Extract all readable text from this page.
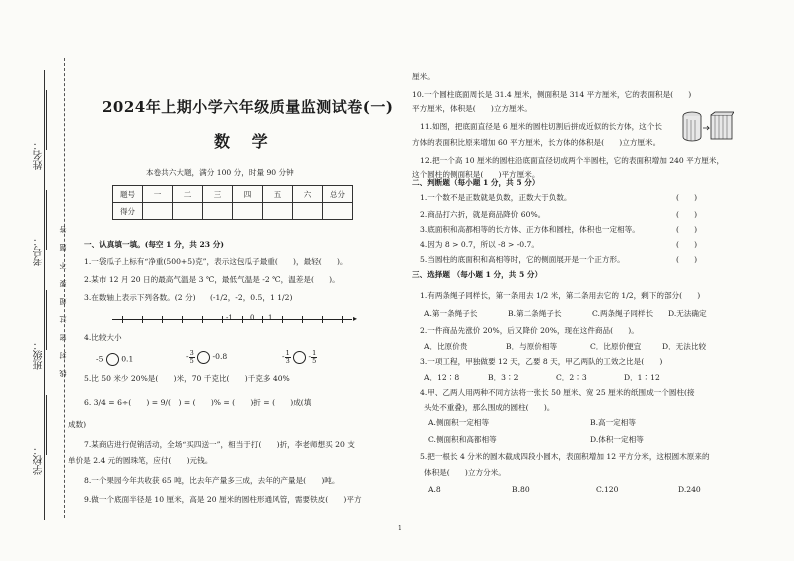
姓名：
考号：
班级：
学校：
答
题
不
要
超
过
密
封
线
2024年上期小学六年级质量监测试卷(一)
数 学
本卷共六大题，满分 100 分，时量 90 分钟
题号	一	二	三	四	五	六	总分
得分							
一、认真填一填。(每空 1 分，共 23 分)
1.一袋瓜子上标有“净重(500+5)克”，表示这包瓜子最重(　　)，最轻(　　)。
2.某市 12 月 20 日的最高气温是 3 ℃，最低气温是 -2 ℃，温差是(　　)。
3.在数轴上表示下列各数。(2 分) (-1/2，-2，0.5，1 1/2)
▸
-1 0 1
4.比较大小
-5  0.1	- $\frac{3}{5} -0.8$	- $\frac{1}{3} - \frac{1}{5}$
5.比 50 米少 20%是(　　)米，70 千克比(　　)千克多 40%
6. 3/4 = 6÷(　　) = 9/(　) = (　　)% = (　　)折 = (　　)成(填
成数)
7.某商店进行促销活动，全场“买四送一”，相当于打(　　)折，李老师想买 20 支
单价是 2.4 元的圆珠笔，应付(　　)元钱。
8.一个果园今年共收获 65 吨，比去年产量多三成，去年的产量是(　　)吨。
9.做一个底面半径是 10 厘米，高是 20 厘米的圆柱形通风管，需要铁皮(　　)平方
厘米。
10.一个圆柱底面周长是 31.4 厘米，侧面积是 314 平方厘米，它的表面积是(　　)
平方厘米，体积是(　　)立方厘米。
11.如图，把底面直径是 6 厘米的圆柱切割后拼成近似的长方体，这个长
方体的表面积比原来增加 60 平方厘米，长方体的体积是(　　)立方厘米。
12.把一个高 10 厘米的圆柱沿底面直径切成两个半圆柱，它的表面积增加 240 平方厘米，
这个圆柱的侧面积是(　　)平方厘米。
二、判断题（每小题 1 分，共 5 分）
1.一个数不是正数就是负数，正数大于负数。	(　　)
2.商品打六折，就是商品降价 60%。	(　　)
3.底面积和高都相等的长方体、正方体和圆柱，体积也一定相等。	(　　)
4.因为 8 > 0.7，所以 -8 > -0.7。	(　　)
5.当圆柱的底面积和高相等时，它的侧面展开是一个正方形。	(　　)
三、选择题 （每小题 1 分，共 5 分）
1.有两条绳子同样长，第一条用去 1/2 米，第二条用去它的 1/2，剩下的部分(　　)
A.第一条绳子长	B.第二条绳子长	C.两条绳子同样长 D.无法确定
2.一件商品先涨价 20%，后又降价 20%，现在这件商品(　　)。
A．比原价贵	B．与原价相等	C．比原价便宜	D．无法比较
3.一项工程，甲独做要 12 天，乙要 8 天，甲乙两队的工效之比是(　　)
A．12∶8	B．3∶2	C．2∶3	D．1∶12
4.甲、乙两人用两种不同方法将一张长 50 厘米、宽 25 厘米的纸围成一个圆柱(接
头处不重叠)，那么围成的圆柱(　　)。
A.侧面积一定相等	B.高一定相等
C.侧面积和高都相等	D.体积一定相等
5.把一根长 4 分米的圆木截成四段小圆木，表面积增加 12 平方分米，这根圆木原来的
体积是(　　)立方分米。
A.8	B.80	C.120	D.240
1
